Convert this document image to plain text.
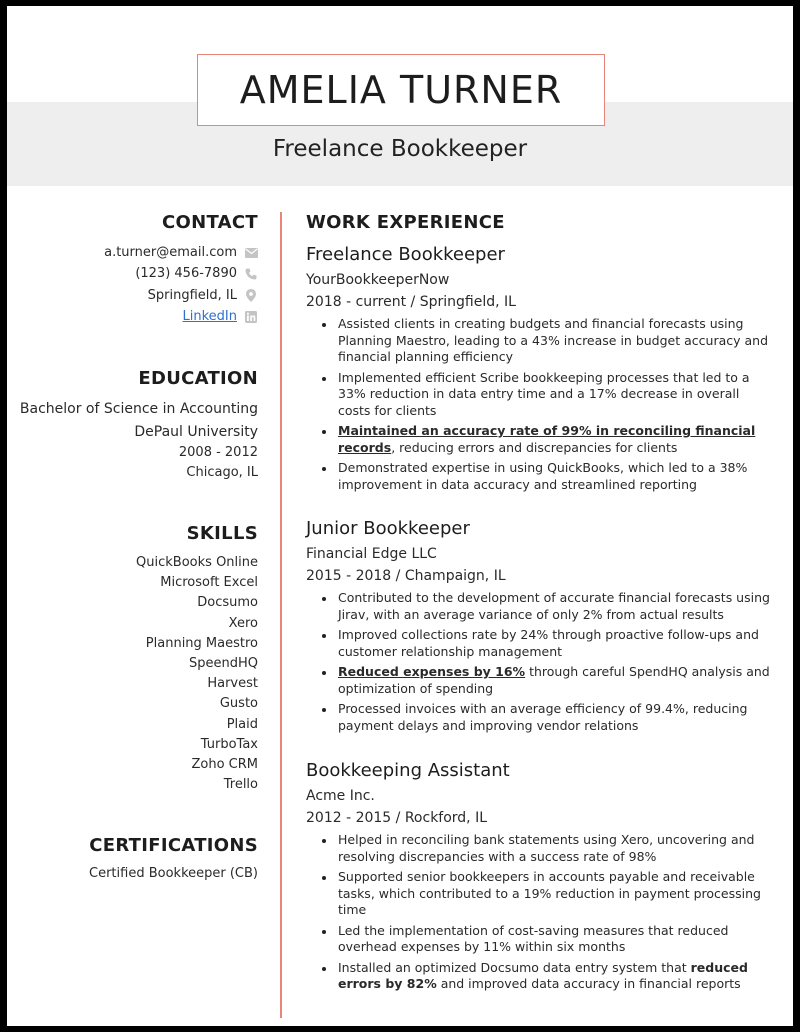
AMELIA TURNER
Freelance Bookkeeper
CONTACT
a.turner@email.com
(123) 456-7890
Springfield, IL
LinkedIn
EDUCATION
Bachelor of Science in Accounting
DePaul University
2008 - 2012
Chicago, IL
SKILLS
QuickBooks Online
Microsoft Excel
Docsumo
Xero
Planning Maestro
SpeendHQ
Harvest
Gusto
Plaid
TurboTax
Zoho CRM
Trello
CERTIFICATIONS
Certified Bookkeeper (CB)
WORK EXPERIENCE
Freelance Bookkeeper
YourBookkeeperNow
2018 - current / Springfield, IL
Assisted clients in creating budgets and financial forecasts using Planning Maestro, leading to a 43% increase in budget accuracy and financial planning efficiency
Implemented efficient Scribe bookkeeping processes that led to a 33% reduction in data entry time and a 17% decrease in overall costs for clients
Maintained an accuracy rate of 99% in reconciling financial records, reducing errors and discrepancies for clients
Demonstrated expertise in using QuickBooks, which led to a 38% improvement in data accuracy and streamlined reporting
Junior Bookkeeper
Financial Edge LLC
2015 - 2018 / Champaign, IL
Contributed to the development of accurate financial forecasts using Jirav, with an average variance of only 2% from actual results
Improved collections rate by 24% through proactive follow-ups and customer relationship management
Reduced expenses by 16% through careful SpendHQ analysis and optimization of spending
Processed invoices with an average efficiency of 99.4%, reducing payment delays and improving vendor relations
Bookkeeping Assistant
Acme Inc.
2012 - 2015 / Rockford, IL
Helped in reconciling bank statements using Xero, uncovering and resolving discrepancies with a success rate of 98%
Supported senior bookkeepers in accounts payable and receivable tasks, which contributed to a 19% reduction in payment processing time
Led the implementation of cost-saving measures that reduced overhead expenses by 11% within six months
Installed an optimized Docsumo data entry system that reduced errors by 82% and improved data accuracy in financial reports
